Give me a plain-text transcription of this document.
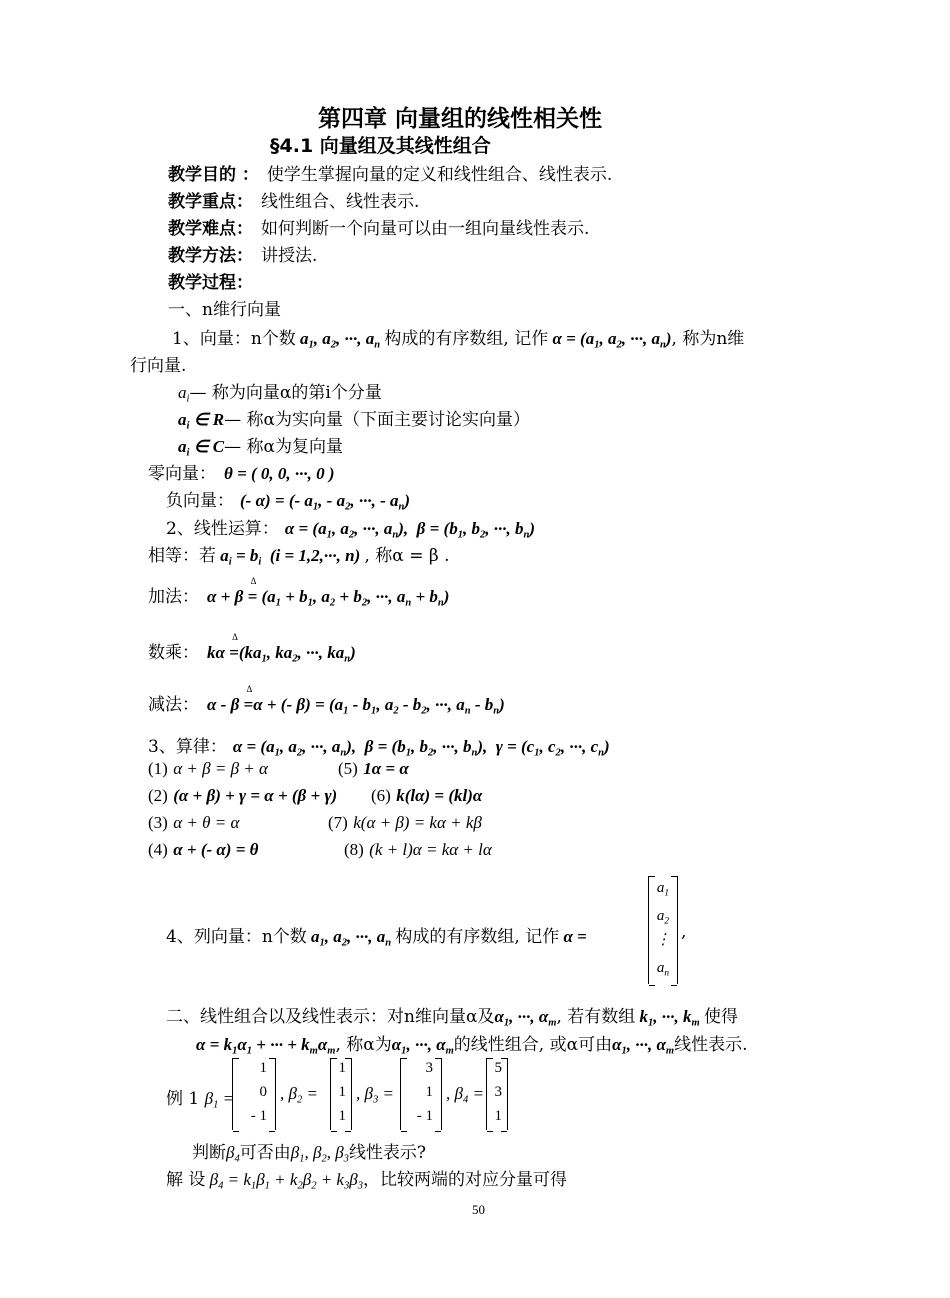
第四章 向量组的线性相关性
§4.1 向量组及其线性组合
教学目的 ： 使学生掌握向量的定义和线性组合、线性表示.
教学重点： 线性组合、线性表示.
教学难点： 如何判断一个向量可以由一组向量线性表示.
教学方法： 讲授法.
教学过程：
一、n维行向量
1、向量：n个数 $a_1$, $a_2$, ···, $a_n$ 构成的有序数组, 记作 $\alpha = (a_1$, $a_2$, ···, $a_n$), 称为n维
行向量.
$a_i—$ 称为向量α的第i个分量
$a_i$ ∈ R— 称α为实向量（下面主要讨论实向量）
$a_i$ ∈ C— 称α为复向量
零向量： θ = ( 0, 0, ···, 0 )
负向量： (- α) = (- $a_1$, - $a_2$, ···, - $a_n$)
2、线性运算： $\alpha = (a_1$, $a_2$, ···, $a_n$),  $\beta = (b_1$, $b_2$, ···, $b_n$)
相等：若 $a_i = b_i$  (i = 1,2,···, n) , 称α = β .
加法： α + β $\Delta = (a_1 + b_1$, $a_2 + b_2$, ···, $a_n + b_n$)
数乘： kα $\Delta =(ka_1$, $ka_2$, ···, $ka_n$)
减法： α - β Δ =α + (- $\beta) = (a_1 - b_1$, $a_2 - b_2$, ···, $a_n - b_n$)
3、算律： $\alpha = (a_1$, $a_2$, ···, $a_n$),  $\beta = (b_1$, $b_2$, ···, $b_n$),  $\gamma = (c_1$, $c_2$, ···, $c_n$)
(1) α + β = β + α
(2) (α + β) + γ = α + (β + γ)
(3) α + θ = α
(4) α + (- α) = θ
(5) 1α = α
(6) k(lα) = (kl)α
(7) k(α + β) = kα + kβ
(8) (k + l)α = kα + lα
4、列向量：n个数 $a_1$, $a_2$, ···, $a_n$ 构成的有序数组, 记作 α =
$a_1$
$a_2$
⋮
$a_n$
,
二、线性组合以及线性表示：对n维向量α及$\alpha_1$, ···, $\alpha_m$, 若有数组 $k_1$, ···, $k_m$ 使得
$\alpha = k_1\alpha_1$ + ··· + $k_m\alpha_m$, 称α为$\alpha_1$, ···, $\alpha_m$的线性组合, 或α可由$\alpha_1$, ···, $\alpha_m$线性表示.
例 1 $\beta_1$ =
1
0
- 1
, $\beta_2$ =
1
1
1
, $\beta_3$ =
3
1
- 1
, $\beta_4$ =
5
3
1
判断$\beta_4$可否由$\beta_1$, $\beta_2$, $\beta_3$线性表示?
解 设 $\beta_4 = k_1\beta_1 + k_2\beta_2 + k_3\beta_3$，比较两端的对应分量可得
50
